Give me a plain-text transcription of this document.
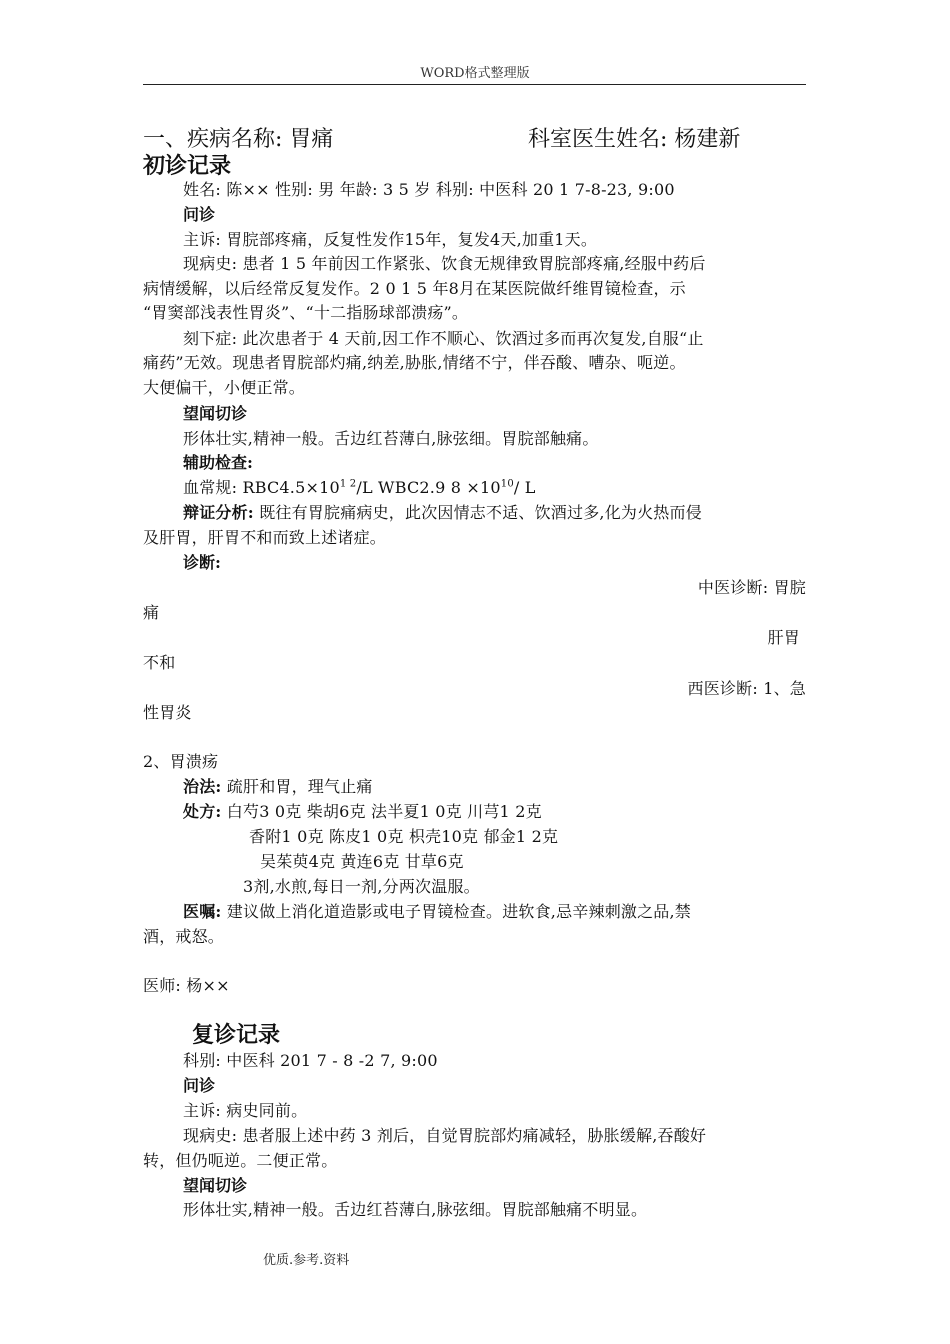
WORD格式整理版
一、疾病名称: 胃痛	科室医生姓名: 杨建新
初诊记录
姓名: 陈×× 性别: 男 年龄: 3 5 岁 科别: 中医科 20 1 7-8-23, 9:00
问诊
主诉: 胃脘部疼痛，反复性发作15年，复发4天,加重1天。
现病史: 患者 1 5 年前因工作紧张、饮食无规律致胃脘部疼痛,经服中药后
病情缓解，以后经常反复发作。2 0 1 5 年8月在某医院做纤维胃镜检查，示
“胃窦部浅表性胃炎”、“十二指肠球部溃疡”。
刻下症: 此次患者于 4 天前,因工作不顺心、饮酒过多而再次复发,自服“止
痛药”无效。现患者胃脘部灼痛,纳差,胁胀,情绪不宁，伴吞酸、嘈杂、呃逆。
大便偏干，小便正常。
望闻切诊
形体壮实,精神一般。舌边红苔薄白,脉弦细。胃脘部触痛。
辅助检查:
血常规: $RBC4.5\times 10^{1 2}/L$ WBC2.9 $8 \times 10^{10}/$ L
辩证分析: 既往有胃脘痛病史，此次因情志不适、饮酒过多,化为火热而侵
及肝胃，肝胃不和而致上述诸症。
诊断:
中医诊断: 胃脘
痛
肝胃
不和
西医诊断: 1、急
性胃炎
2、胃溃疡
治法: 疏肝和胃，理气止痛
处方: 白芍3 0克 柴胡6克 法半夏1 0克 川芎1 2克
香附1 0克 陈皮1 0克 枳壳10克 郁金1 2克
吴茱萸4克 黄连6克 甘草6克
3剂,水煎,每日一剂,分两次温服。
医嘱: 建议做上消化道造影或电子胃镜检查。进软食,忌辛辣刺激之品,禁
酒，戒怒。
医师: 杨××
复诊记录
科别: 中医科 201 7 - 8 -2 7, 9:00
问诊
主诉: 病史同前。
现病史: 患者服上述中药 3 剂后，自觉胃脘部灼痛减轻，胁胀缓解,吞酸好
转，但仍呃逆。二便正常。
望闻切诊
形体壮实,精神一般。舌边红苔薄白,脉弦细。胃脘部触痛不明显。
优质.参考.资料
